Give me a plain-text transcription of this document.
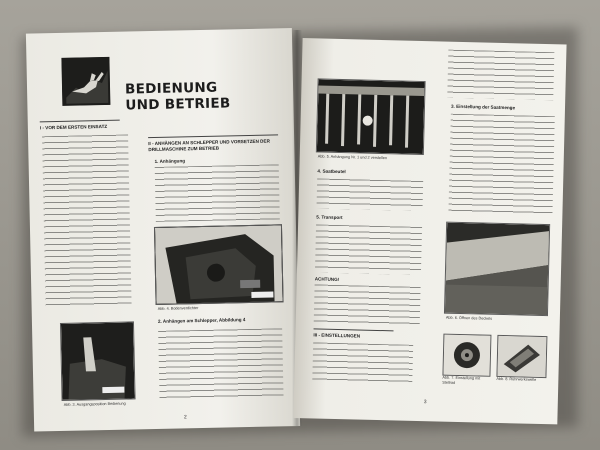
BEDIENUNG
UND BETRIEB
I - VOR DEM ERSTEN EINSATZ
II - ANHÄNGEN AN SCHLEPPER UND VORSETZEN DER DRILLMASCHINE ZUM BETRIEB
1. Anhängung
Abb. 4. Bodenverdichter
2. Anhängen am Schlepper, Abbildung 4
Abb. 3. Ausgangsposition Bedienung
2
Abb. 5. Anhängung Nr. 1 und 2 verstellen
3. Einstellung der Saatmenge
4. Saatbeutel
5. Transport
ACHTUNG!
Abb. 6. Öffnen des Deckels
III - EINSTELLUNGEN
Abb. 7. Einstellung mit Stellrad
Abb. 8. Rührwerkswelle
3
